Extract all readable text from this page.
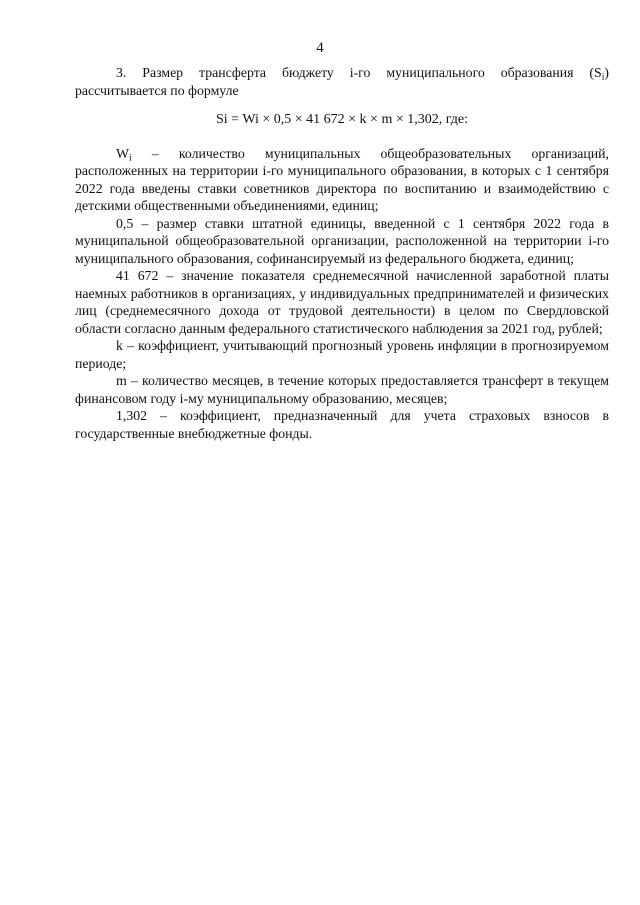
4

3. Размер трансферта бюджету i-го муниципального образования $(S_i)$ рассчитывается по формуле

Si = Wi × 0,5 × 41 672 × k × m × 1,302, где:

$W_i$ – количество муниципальных общеобразовательных организаций, расположенных на территории i-го муниципального образования, в которых с 1 сентября 2022 года введены ставки советников директора по воспитанию и взаимодействию с детскими общественными объединениями, единиц;

0,5 – размер ставки штатной единицы, введенной с 1 сентября 2022 года в муниципальной общеобразовательной организации, расположенной на территории i-го муниципального образования, софинансируемый из федерального бюджета, единиц;

41 672 – значение показателя среднемесячной начисленной заработной платы наемных работников в организациях, у индивидуальных предпринимателей и физических лиц (среднемесячного дохода от трудовой деятельности) в целом по Свердловской области согласно данным федерального статистического наблюдения за 2021 год, рублей;

k – коэффициент, учитывающий прогнозный уровень инфляции в прогнозируемом периоде;

m – количество месяцев, в течение которых предоставляется трансферт в текущем финансовом году i-му муниципальному образованию, месяцев;

1,302 – коэффициент, предназначенный для учета страховых взносов в государственные внебюджетные фонды.
